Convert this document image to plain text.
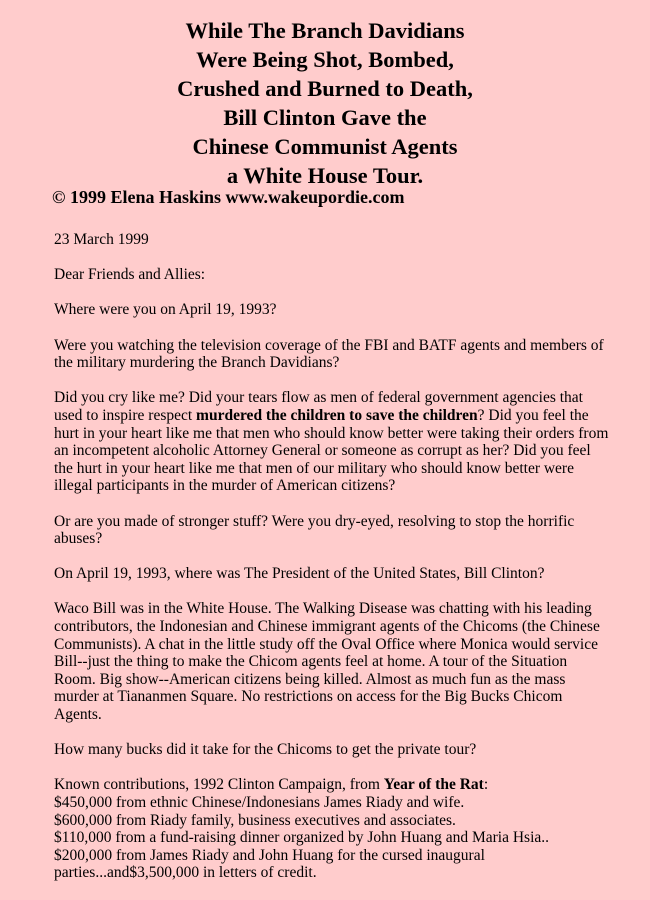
While The Branch Davidians
Were Being Shot, Bombed,
Crushed and Burned to Death,
Bill Clinton Gave the
Chinese Communist Agents
a White House Tour.
© 1999 Elena Haskins www.wakeupordie.com

23 March 1999

Dear Friends and Allies:

Where were you on April 19, 1993?

Were you watching the television coverage of the FBI and BATF agents and members of
the military murdering the Branch Davidians?

Did you cry like me? Did your tears flow as men of federal government agencies that
used to inspire respect murdered the children to save the children? Did you feel the
hurt in your heart like me that men who should know better were taking their orders from
an incompetent alcoholic Attorney General or someone as corrupt as her? Did you feel
the hurt in your heart like me that men of our military who should know better were
illegal participants in the murder of American citizens?

Or are you made of stronger stuff? Were you dry-eyed, resolving to stop the horrific
abuses?

On April 19, 1993, where was The President of the United States, Bill Clinton?

Waco Bill was in the White House. The Walking Disease was chatting with his leading
contributors, the Indonesian and Chinese immigrant agents of the Chicoms (the Chinese
Communists). A chat in the little study off the Oval Office where Monica would service
Bill--just the thing to make the Chicom agents feel at home. A tour of the Situation
Room. Big show--American citizens being killed. Almost as much fun as the mass
murder at Tiananmen Square. No restrictions on access for the Big Bucks Chicom
Agents.

How many bucks did it take for the Chicoms to get the private tour?

Known contributions, 1992 Clinton Campaign, from Year of the Rat:
$450,000 from ethnic Chinese/Indonesians James Riady and wife.
$600,000 from Riady family, business executives and associates.
$110,000 from a fund-raising dinner organized by John Huang and Maria Hsia..
$200,000 from James Riady and John Huang for the cursed inaugural
parties...and$3,500,000 in letters of credit.
